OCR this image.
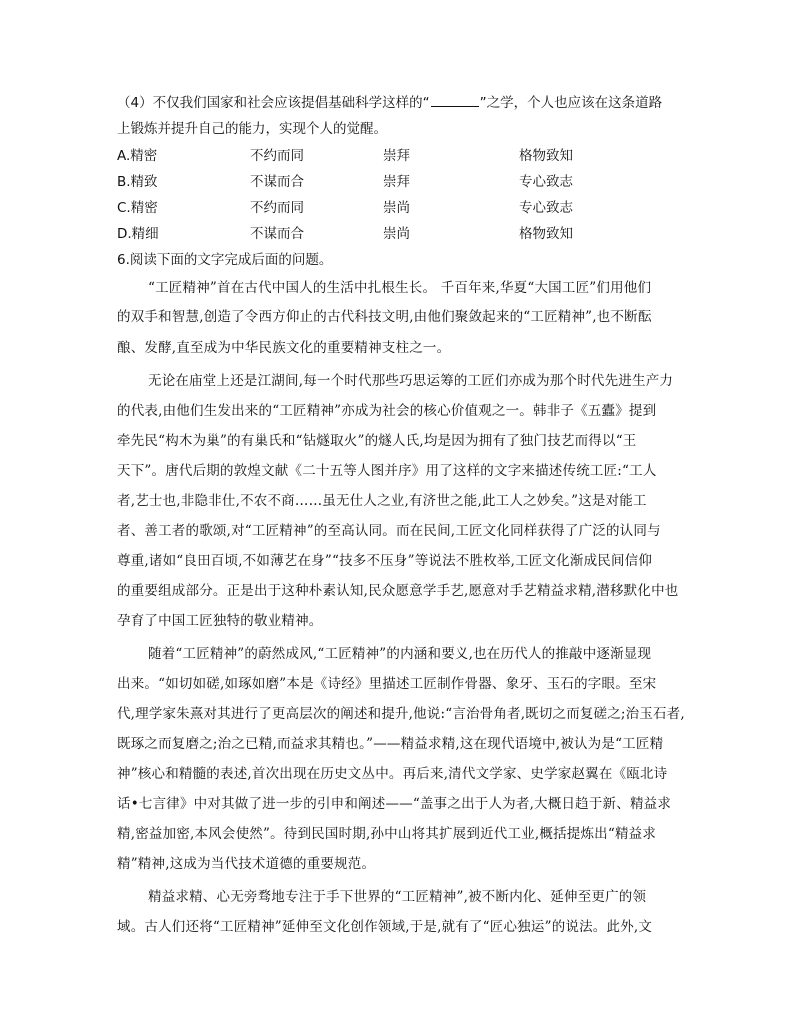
（4）不仅我们国家和社会应该提倡基础科学这样的“	”之学，个人也应该在这条道路
上锻炼并提升自己的能力，实现个人的觉醒。
A.精密	不约而同	崇拜	格物致知
B.精致	不谋而合	崇拜	专心致志
C.精密	不约而同	崇尚	专心致志
D.精细	不谋而合	崇尚	格物致知
6.阅读下面的文字完成后面的问题。
“工匠精神”首在古代中国人的生活中扎根生长。 千百年来,华夏“大国工匠”们用他们
的双手和智慧,创造了令西方仰止的古代科技文明,由他们聚敛起来的“工匠精神”,也不断酝
酿、发酵,直至成为中华民族文化的重要精神支柱之一。
无论在庙堂上还是江湖间,每一个时代那些巧思运筹的工匠们亦成为那个时代先进生产力
的代表,由他们生发出来的“工匠精神”亦成为社会的核心价值观之一。韩非子《五蠹》提到
牵先民“构木为巢”的有巢氏和“钻燧取火”的燧人氏,均是因为拥有了独门技艺而得以“王
天下”。唐代后期的敦煌文献《二十五等人图并序》用了这样的文字来描述传统工匠:“工人
者,艺士也,非隐非仕,不农不商……虽无仕人之业,有济世之能,此工人之妙矣。”这是对能工
者、善工者的歌颂,对“工匠精神”的至高认同。而在民间,工匠文化同样获得了广泛的认同与
尊重,诸如“良田百顷,不如薄艺在身”“技多不压身”等说法不胜枚举,工匠文化渐成民间信仰
的重要组成部分。正是出于这种朴素认知,民众愿意学手艺,愿意对手艺精益求精,潜移默化中也
孕育了中国工匠独特的敬业精神。
随着“工匠精神”的蔚然成风,“工匠精神”的内涵和要义,也在历代人的推敲中逐渐显现
出来。“如切如磋,如琢如磨”本是《诗经》里描述工匠制作骨器、象牙、玉石的字眼。至宋
代,理学家朱熹对其进行了更高层次的阐述和提升,他说:“言治骨角者,既切之而复磋之;治玉石者,
既琢之而复磨之;治之已精,而益求其精也。”——精益求精,这在现代语境中,被认为是“工匠精
神”核心和精髓的表述,首次出现在历史文丛中。再后来,清代文学家、史学家赵翼在《瓯北诗
话•七言律》中对其做了进一步的引申和阐述——“盖事之出于人为者,大概日趋于新、精益求
精,密益加密,本风会使然”。待到民国时期,孙中山将其扩展到近代工业,概括提炼出“精益求
精”精神,这成为当代技术道德的重要规范。
精益求精、心无旁骛地专注于手下世界的“工匠精神”,被不断内化、延伸至更广的领
域。古人们还将“工匠精神”延伸至文化创作领域,于是,就有了“匠心独运”的说法。此外,文
